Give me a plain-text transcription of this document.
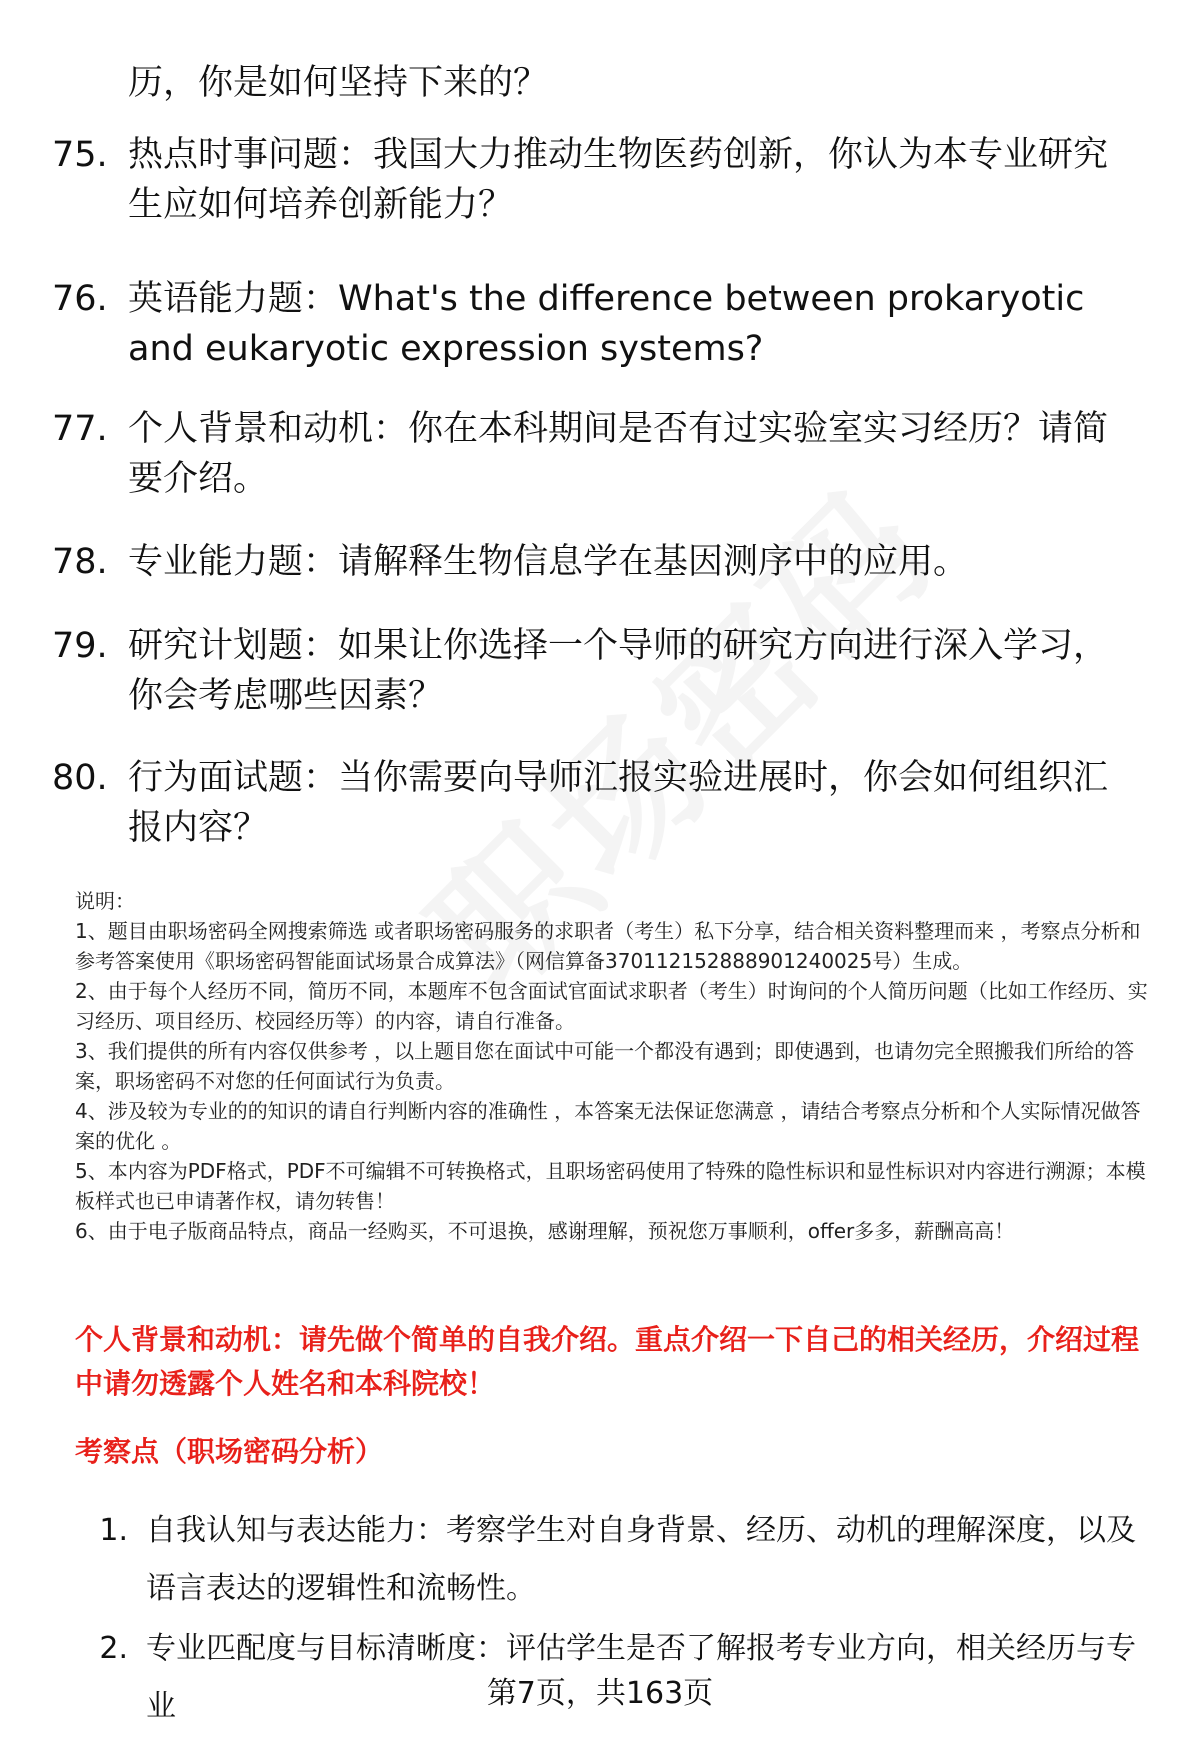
历，你是如何坚持下来的？
75. 热点时事问题：我国大力推动生物医药创新，你认为本专业研究生应如何培养创新能力？
76. 英语能力题：What's the difference between prokaryotic and eukaryotic expression systems?
77. 个人背景和动机：你在本科期间是否有过实验室实习经历？请简要介绍。
78. 专业能力题：请解释生物信息学在基因测序中的应用。
79. 研究计划题：如果让你选择一个导师的研究方向进行深入学习，你会考虑哪些因素？
80. 行为面试题：当你需要向导师汇报实验进展时，你会如何组织汇报内容？

说明：

1、题目由职场密码全网搜索筛选 或者职场密码服务的求职者（考生）私下分享，结合相关资料整理而来 ，考察点分析和参考答案使用《职场密码智能面试场景合成算法》（网信算备370112152888901240025号）生成。

2、由于每个人经历不同，简历不同，本题库不包含面试官面试求职者（考生）时询问的个人简历问题（比如工作经历、实习经历、项目经历、校园经历等）的内容，请自行准备。

3、我们提供的所有内容仅供参考 ，以上题目您在面试中可能一个都没有遇到；即使遇到，也请勿完全照搬我们所给的答案，职场密码不对您的任何面试行为负责。

4、涉及较为专业的的知识的请自行判断内容的准确性 ，本答案无法保证您满意 ，请结合考察点分析和个人实际情况做答案的优化 。

5、本内容为PDF格式，PDF不可编辑不可转换格式，且职场密码使用了特殊的隐性标识和显性标识对内容进行溯源；本模板样式也已申请著作权，请勿转售！

6、由于电子版商品特点，商品一经购买，不可退换，感谢理解，预祝您万事顺利，offer多多，薪酬高高！

个人背景和动机：请先做个简单的自我介绍。重点介绍一下自己的相关经历，介绍过程中请勿透露个人姓名和本科院校！
考察点（职场密码分析）
1. 自我认知与表达能力：考察学生对自身背景、经历、动机的理解深度，以及语言表达的逻辑性和流畅性。
2. 专业匹配度与目标清晰度：评估学生是否了解报考专业方向，相关经历与专业	第7页，共163页
